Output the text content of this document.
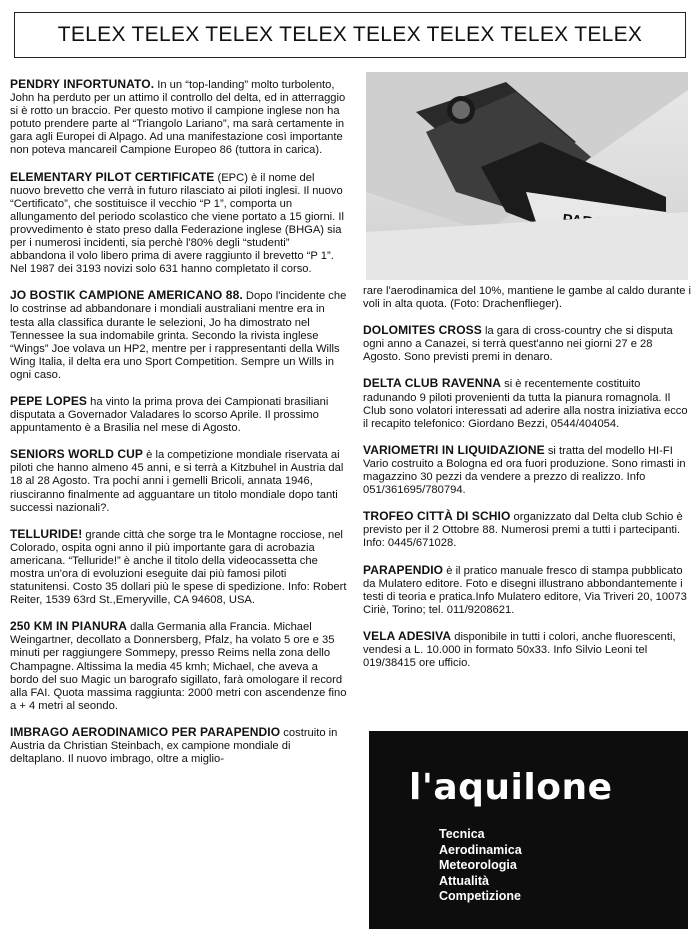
TELEX TELEX TELEX TELEX TELEX TELEX TELEX TELEX

PENDRY INFORTUNATO. In un “top-landing” molto turbolento, John ha perduto per un attimo il controllo del delta, ed in atterraggio si è rotto un braccio. Per questo motivo il campione inglese non ha potuto prendere parte al “Triangolo Lariano”, ma sarà certamente in gara agli Europei di Alpago. Ad una manifestazione così importante non poteva mancareil Campione Europeo 86 (tuttora in carica).

ELEMENTARY PILOT CERTIFICATE (EPC) è il nome del nuovo brevetto che verrà in futuro rilasciato ai piloti inglesi. Il nuovo “Certificato”, che sostituisce il vecchio “P 1”, comporta un allungamento del periodo scolastico che viene portato a 15 giorni. Il provvedimento è stato preso dalla Federazione inglese (BHGA) sia per i numerosi incidenti, sia perchè l'80% degli “studenti” abbandona il volo libero prima di avere raggiunto il brevetto “P 1”.

Nel 1987 dei 3193 novizi solo 631 hanno completato il corso.

JO BOSTIK CAMPIONE AMERICANO 88. Dopo l'incidente che lo costrinse ad abbandonare i mondiali australiani mentre era in testa alla classifica durante le selezioni, Jo ha dimostrato nel Tennessee la sua indomabile grinta. Secondo la rivista inglese “Wings” Joe volava un HP2, mentre per i rappresentanti della Wills Wing Italia, il delta era uno Sport Competition. Sempre un Wills in ogni caso.

PEPE LOPES ha vinto la prima prova dei Campionati brasiliani disputata a Governador Valadares lo scorso Aprile. Il prossimo appuntamento è a Brasilia nel mese di Agosto.

SENIORS WORLD CUP è la competizione mondiale riservata ai piloti che hanno almeno 45 anni, e si terrà a Kitzbuhel in Austria dal 18 al 28 Agosto. Tra pochi anni i gemelli Bricoli, annata 1946, riusciranno finalmente ad agguantare un titolo mondiale dopo tanti successi nazionali?.

TELLURIDE! grande città che sorge tra le Montagne rocciose, nel Colorado, ospita ogni anno il più importante gara di acrobazia americana. “Telluride!” è anche il titolo della videocassetta che mostra un'ora di evoluzioni eseguite dai più famosi piloti statunitensi. Costo 35 dollari più le spese di spedizione. Info: Robert Reiter, 1539 63rd St.,Emeryville, CA 94608, USA.

250 KM IN PIANURA dalla Germania alla Francia. Michael Weingartner, decollato a Donnersberg, Pfalz, ha volato 5 ore e 35 minuti per raggiungere Sommepy, presso Reims nella zona dello Champagne. Altissima la media 45 kmh; Michael, che aveva a bordo del suo Magic un barografo sigillato, farà omologare il record alla FAI. Quota massima raggiunta: 2000 metri con ascendenze fino a + 4 metri al seondo.

IMBRAGO AERODINAMICO PER PARAPENDIO costruito in Austria da Christian Steinbach, ex campione mondiale di deltaplano. Il nuovo imbrago, oltre a miglio-

rare l'aerodinamica del 10%, mantiene le gambe al caldo durante i voli in alta quota. (Foto: Drachenflieger).

DOLOMITES CROSS la gara di cross-country che si disputa ogni anno a Canazei, si terrà quest'anno nei giorni 27 e 28 Agosto. Sono previsti premi in denaro.

DELTA CLUB RAVENNA si è recentemente costituito radunando 9 piloti provenienti da tutta la pianura romagnola. Il Club sono volatori interessati ad aderire alla nostra iniziativa ecco il recapito telefonico: Giordano Bezzi, 0544/404054.

VARIOMETRI IN LIQUIDAZIONE si tratta del modello HI-FI Vario costruito a Bologna ed ora fuori produzione. Sono rimasti in magazzino 30 pezzi da vendere a prezzo di realizzo. Info 051/361695/780794.

TROFEO CITTÀ DI SCHIO organizzato dal Delta club Schio è previsto per il 2 Ottobre 88. Numerosi premi a tutti i partecipanti. Info: 0445/671028.

PARAPENDIO è il pratico manuale fresco di stampa pubblicato da Mulatero editore. Foto e disegni illustrano abbondantemente i testi di teoria e pratica.Info Mulatero editore, Via Triveri 20, 10073 Ciriè, Torino; tel. 011/9208621.

VELA ADESIVA disponibile in tutti i colori, anche fluorescenti, vendesi a L. 10.000 in formato 50x33. Info Silvio Leoni tel 019/38415 ore ufficio.

l'aquilone
Tecnica
Aerodinamica
Meteorologia
Attualità
Competizione
